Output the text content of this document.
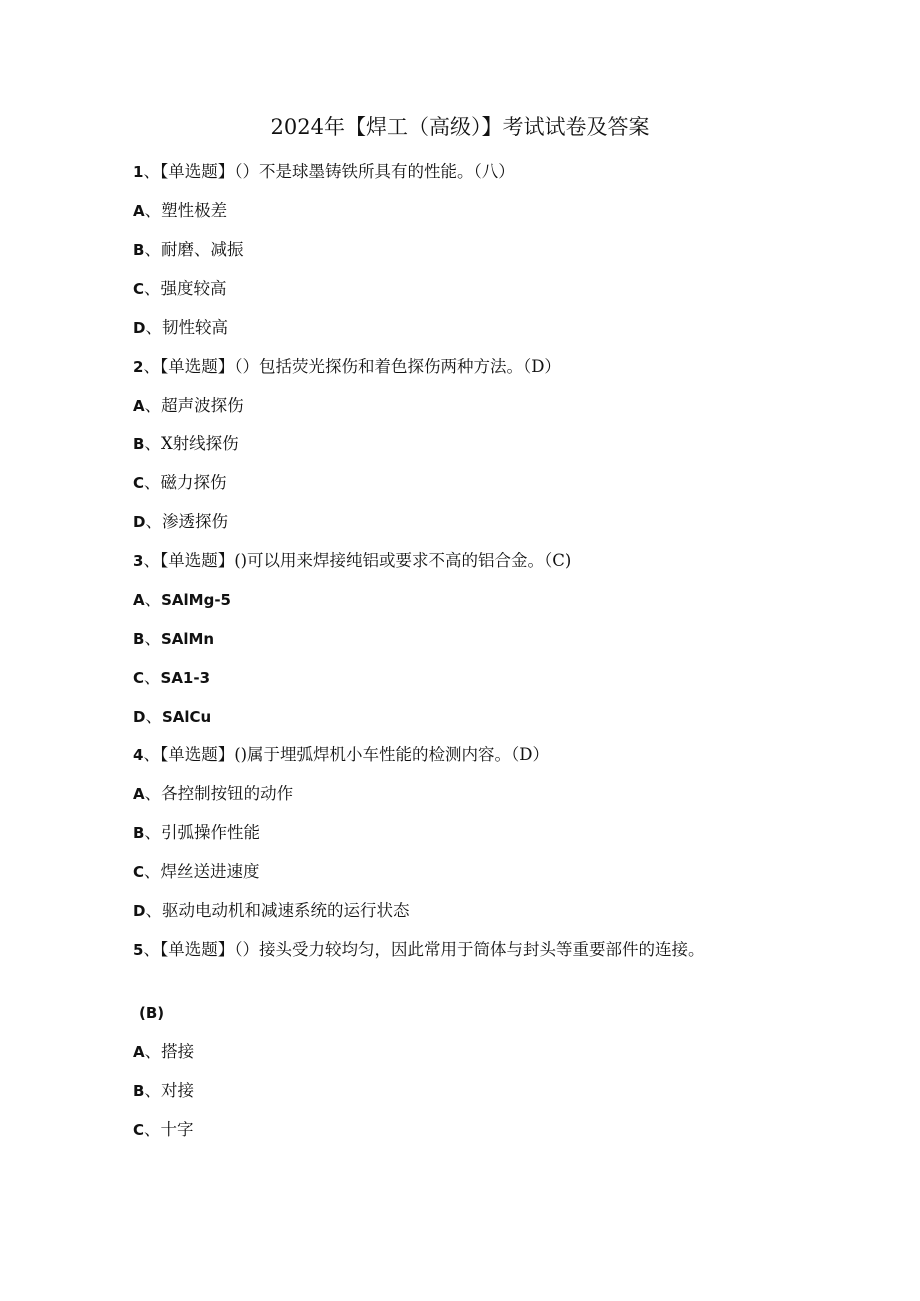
2024年【焊工（高级）】考试试卷及答案
1、【单选题】（）不是球墨铸铁所具有的性能。（八）
A、塑性极差
B、耐磨、减振
C、强度较高
D、韧性较高
2、【单选题】（）包括荧光探伤和着色探伤两种方法。（D）
A、超声波探伤
B、X射线探伤
C、磁力探伤
D、渗透探伤
3、【单选题】()可以用来焊接纯铝或要求不高的铝合金。（C)
A、SAlMg-5
B、SAlMn
C、SA1-3
D、SAlCu
4、【单选题】()属于埋弧焊机小车性能的检测内容。（D）
A、各控制按钮的动作
B、引弧操作性能
C、焊丝送进速度
D、驱动电动机和减速系统的运行状态
5、【单选题】（）接头受力较均匀，因此常用于筒体与封头等重要部件的连接。
(B)
A、搭接
B、对接
C、十字
